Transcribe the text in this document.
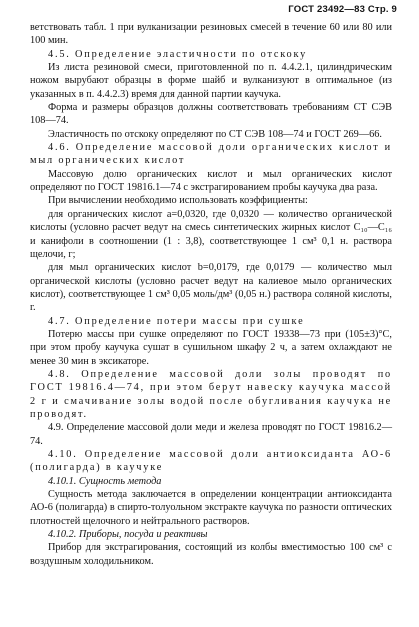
ГОСТ 23492—83 Стр. 9

ветствовать табл. 1 при вулканизации резиновых смесей в течение 60 или 80 или 100 мин.

4.5. Определение эластичности по отскоку

Из листа резиновой смеси, приготовленной по п. 4.4.2.1, цилиндрическим ножом вырубают образцы в форме шайб и вулканизуют в оптимальное (из указанных в п. 4.4.2.3) время для данной партии каучука.

Форма и размеры образцов должны соответствовать требованиям СТ СЭВ 108—74.

Эластичность по отскоку определяют по СТ СЭВ 108—74 и ГОСТ 269—66.

4.6. Определение массовой доли органических кислот и мыл органических кислот

Массовую долю органических кислот и мыл органических кислот определяют по ГОСТ 19816.1—74 с экстрагированием пробы каучука два раза.

При вычислении необходимо использовать коэффициенты:

для органических кислот a=0,0320, где 0,0320 — количество органической кислоты (условно расчет ведут на смесь синтетических жирных кислот C₁₀—C₁₆ и канифоли в соотношении (1 : 3,8), соответствующее 1 см³ 0,1 н. раствора щелочи, г;

для мыл органических кислот b=0,0179, где 0,0179 — количество мыл органической кислоты (условно расчет ведут на калиевое мыло органических кислот), соответствующее 1 см³ 0,05 моль/дм³ (0,05 н.) раствора соляной кислоты, г.

4.7. Определение потери массы при сушке

Потерю массы при сушке определяют по ГОСТ 19338—73 при (105±3)°С, при этом пробу каучука сушат в сушильном шкафу 2 ч, а затем охлаждают не менее 30 мин в эксикаторе.

4.8. Определение массовой доли золы проводят по ГОСТ 19816.4—74, при этом берут навеску каучука массой 2 г и смачивание золы водой после обугливания каучука не проводят.

4.9. Определение массовой доли меди и железа проводят по ГОСТ 19816.2—74.

4.10. Определение массовой доли антиоксиданта АО-6 (полигарда) в каучуке

4.10.1. Сущность метода

Сущность метода заключается в определении концентрации антиоксиданта АО-6 (полигарда) в спирто-толуольном экстракте каучука по разности оптических плотностей щелочного и нейтрального растворов.

4.10.2. Приборы, посуда и реактивы

Прибор для экстрагирования, состоящий из колбы вместимостью 100 см³ с воздушным холодильником.
